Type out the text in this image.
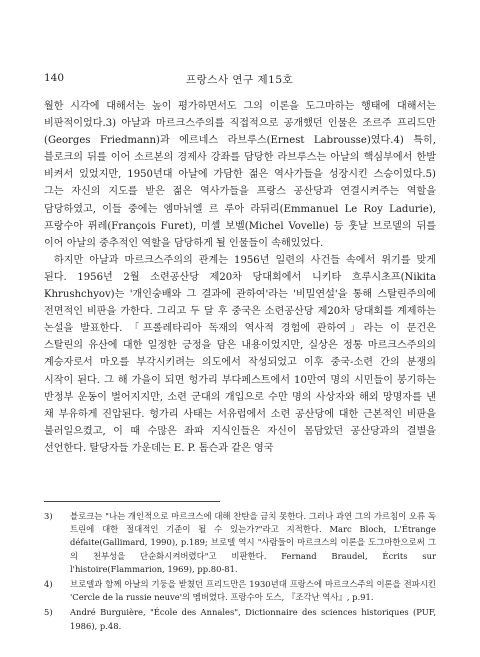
140	프랑스사 연구 제15호

월한 시각에 대해서는 높이 평가하면서도 그의 이론을 도그마하는 행태에 대해서는 비판적이었다.3) 아날과 마르크스주의를 직접적으로 공개했던 인물은 조르주 프리드만(Georges Friedmann)과 에르네스 라브루스(Ernest Labrousse)였다.4) 특히, 블로크의 뒤를 이어 소르본의 경제사 강좌를 담당한 라브루스는 아날의 핵심부에서 한발 비켜서 있었지만, 1950년대 아날에 가담한 젊은 역사가들을 성장시킨 스승이었다.5) 그는 자신의 지도를 받은 젊은 역사가들을 프랑스 공산당과 연결시켜주는 역할을 담당하였고, 이들 중에는 엠마뉘엘 르 루아 라뒤리(Emmanuel Le Roy Ladurie), 프랑수아 퓌레(François Furet), 미셸 보벨(Michel Vovelle) 등 훗날 브로델의 뒤를 이어 아날의 중추적인 역할을 담당하게 될 인물들이 속해있었다.

하지만 아날과 마르크스주의의 관계는 1956년 일련의 사건들 속에서 위기를 맞게 된다. 1956년 2월 소련공산당 제20차 당대회에서 니키타 흐루시초프(Nikita Khrushchyov)는 '개인숭배와 그 결과에 관하여'라는 '비밀연설'을 통해 스탈린주의에 전면적인 비판을 가한다. 그리고 두 달 후 중국은 소련공산당 제20차 당대회를 계제하는 논설을 발표한다. 「프롤레타리아 독재의 역사적 경험에 관하여」라는 이 문건은 스탈린의 유산에 대한 일정한 긍정을 담은 내용이었지만, 실상은 정통 마르크스주의의 계승자로서 마오를 부각시키려는 의도에서 작성되었고 이후 중국-소련 간의 분쟁의 시작이 된다. 그 해 가을이 되면 헝가리 부다페스트에서 10만여 명의 시민들이 봉기하는 반정부 운동이 벌어지지만, 소련 군대의 개입으로 수만 명의 사상자와 해외 망명자를 낸 채 부유하게 진압된다. 헝가리 사태는 서유럽에서 소련 공산당에 대한 근본적인 비판을 불러일으켰고, 이 때 수많은 좌파 지식인들은 자신이 몸담았던 공산당과의 결별을 선언한다. 탈당자들 가운데는 E. P. 톰슨과 같은 영국

3)	블로크는 "나는 개인적으로 마르크스에 대해 찬탄을 금치 못한다. 그러나 과연 그의 가르침이 오류 독트린에 대한 절대적인 기준이 될 수 있는가?"라고 지적한다. Marc Bloch, L'Étrange défaite(Gallimard, 1990), p.189; 브로델 역시 "사람들이 마르크스의 이론을 도그마한으로써 그의 천부성을 단순화시켜버렸다"고 비판한다. Fernand Braudel, Écrits sur l'histoire(Flammarion, 1969), pp.80-81.
4)	브로델과 함께 아날의 기둥을 받쳤던 프리드만은 1930년대 프랑스에 마르크스주의 이론을 전파시킨 'Cercle de la russie neuve'의 멤버였다. 프랑수아 도스, 『조각난 역사』, p.91.
5)	André Burguière, "École des Annales", Dictionnaire des sciences historiques (PUF, 1986), p.48.
